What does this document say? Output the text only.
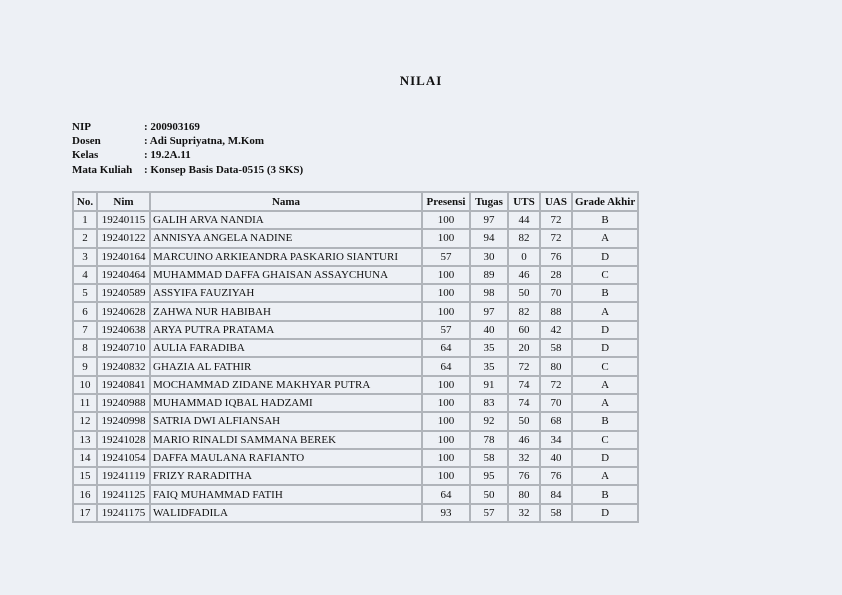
NILAI
NIP	: 200903169
Dosen	: Adi Supriyatna, M.Kom
Kelas	: 19.2A.11
Mata Kuliah	: Konsep Basis Data-0515 (3 SKS)
No.	Nim	Nama	Presensi	Tugas	UTS	UAS	Grade Akhir
1	19240115	GALIH ARVA NANDIA	100	97	44	72	B
2	19240122	ANNISYA ANGELA NADINE	100	94	82	72	A
3	19240164	MARCUINO ARKIEANDRA PASKARIO SIANTURI	57	30	0	76	D
4	19240464	MUHAMMAD DAFFA GHAISAN ASSAYCHUNA	100	89	46	28	C
5	19240589	ASSYIFA FAUZIYAH	100	98	50	70	B
6	19240628	ZAHWA NUR HABIBAH	100	97	82	88	A
7	19240638	ARYA PUTRA PRATAMA	57	40	60	42	D
8	19240710	AULIA FARADIBA	64	35	20	58	D
9	19240832	GHAZIA AL FATHIR	64	35	72	80	C
10	19240841	MOCHAMMAD ZIDANE MAKHYAR PUTRA	100	91	74	72	A
11	19240988	MUHAMMAD IQBAL HADZAMI	100	83	74	70	A
12	19240998	SATRIA DWI ALFIANSAH	100	92	50	68	B
13	19241028	MARIO RINALDI SAMMANA BEREK	100	78	46	34	C
14	19241054	DAFFA MAULANA RAFIANTO	100	58	32	40	D
15	19241119	FRIZY RARADITHA	100	95	76	76	A
16	19241125	FAIQ MUHAMMAD FATIH	64	50	80	84	B
17	19241175	WALIDFADILA	93	57	32	58	D
